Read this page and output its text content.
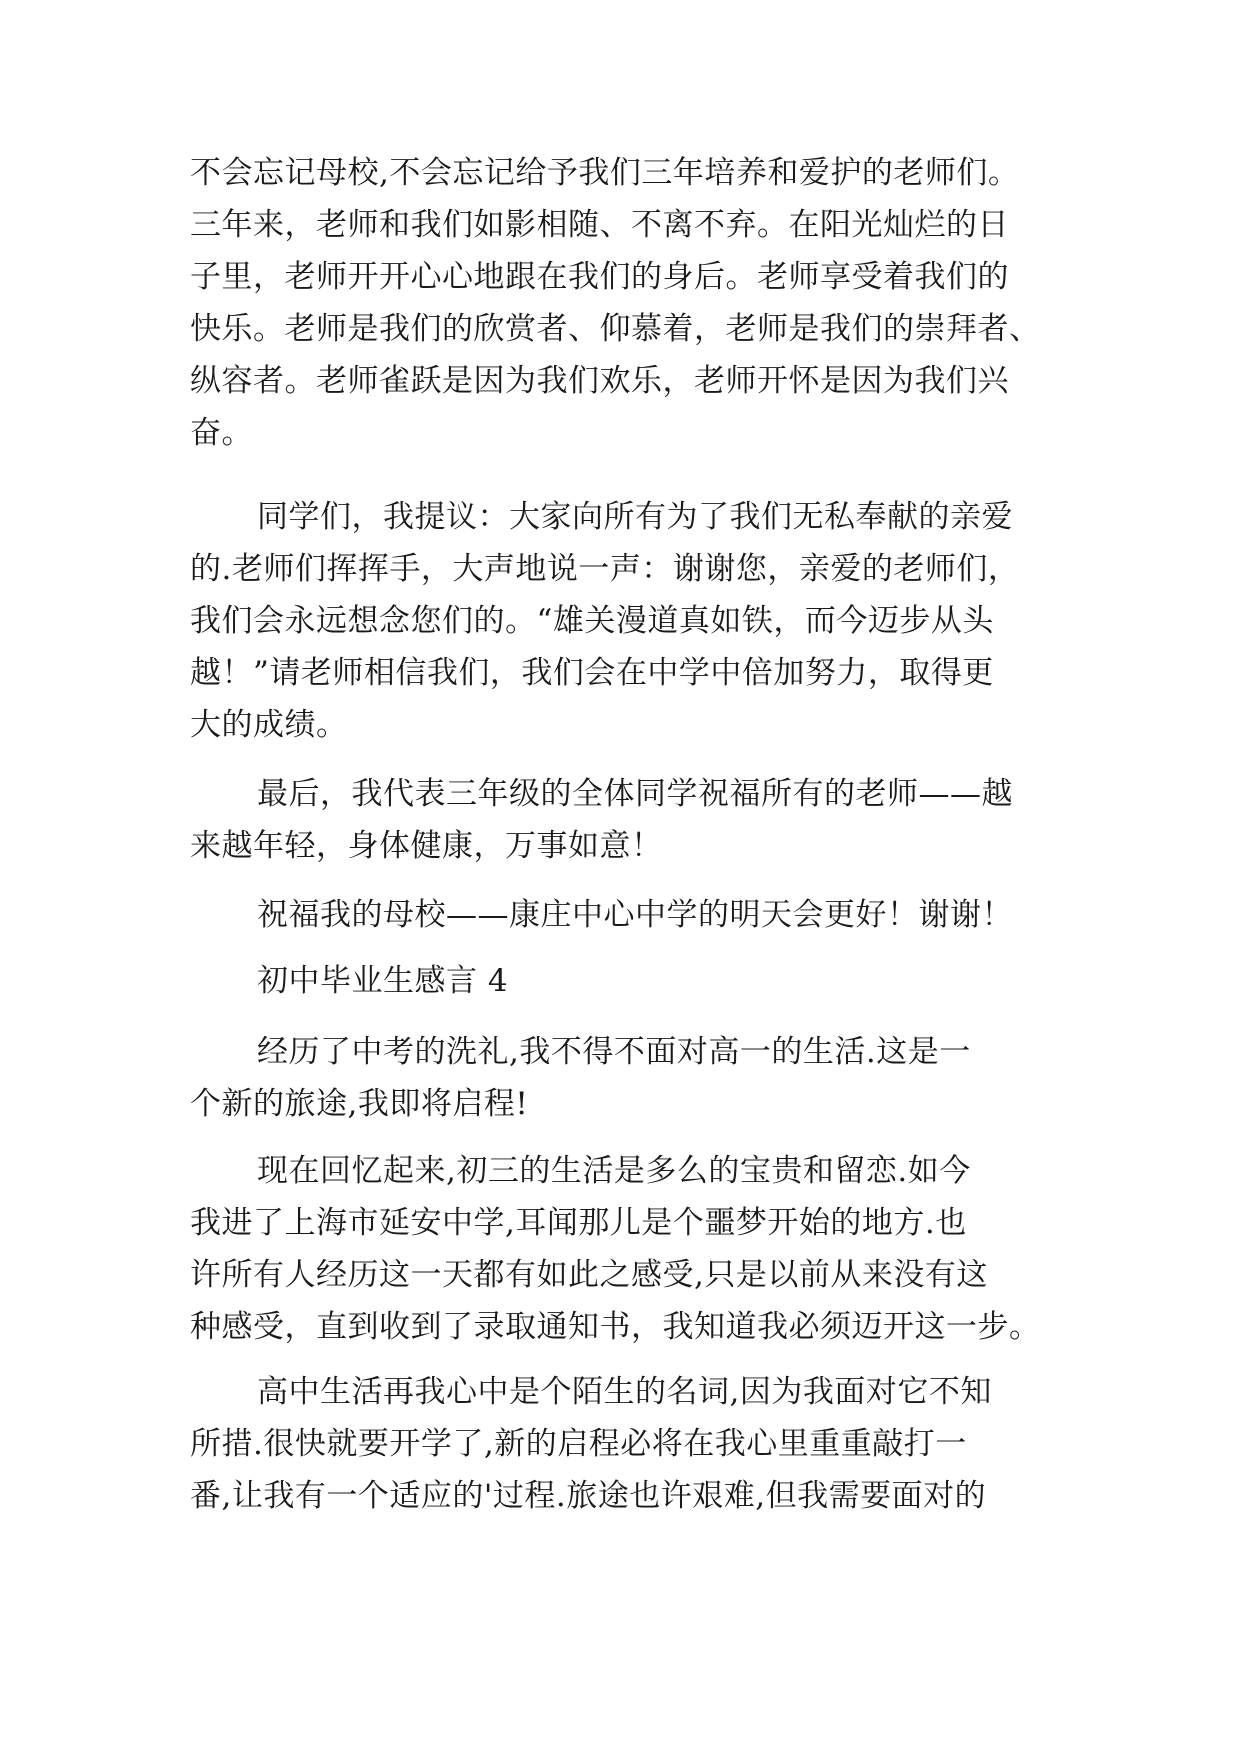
不会忘记母校,不会忘记给予我们三年培养和爱护的老师们。
三年来，老师和我们如影相随、不离不弃。在阳光灿烂的日
子里，老师开开心心地跟在我们的身后。老师享受着我们的
快乐。老师是我们的欣赏者、仰慕着，老师是我们的崇拜者、
纵容者。老师雀跃是因为我们欢乐，老师开怀是因为我们兴
奋。
同学们，我提议：大家向所有为了我们无私奉献的亲爱
的.老师们挥挥手，大声地说一声：谢谢您，亲爱的老师们，
我们会永远想念您们的。“雄关漫道真如铁，而今迈步从头
越！”请老师相信我们，我们会在中学中倍加努力，取得更
大的成绩。
最后，我代表三年级的全体同学祝福所有的老师——越
来越年轻，身体健康，万事如意！
祝福我的母校——康庄中心中学的明天会更好！谢谢！
初中毕业生感言 4
经历了中考的洗礼,我不得不面对高一的生活.这是一
个新的旅途,我即将启程!
现在回忆起来,初三的生活是多么的宝贵和留恋.如今
我进了上海市延安中学,耳闻那儿是个噩梦开始的地方.也
许所有人经历这一天都有如此之感受,只是以前从来没有这
种感受，直到收到了录取通知书，我知道我必须迈开这一步。
高中生活再我心中是个陌生的名词,因为我面对它不知
所措.很快就要开学了,新的启程必将在我心里重重敲打一
番,让我有一个适应的'过程.旅途也许艰难,但我需要面对的
